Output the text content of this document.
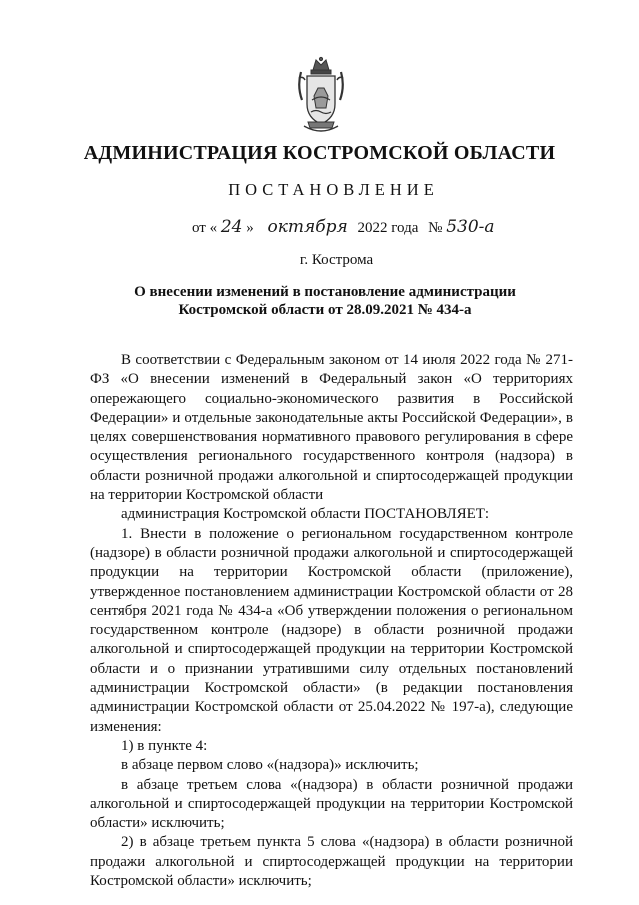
АДМИНИСТРАЦИЯ КОСТРОМСКОЙ ОБЛАСТИ
ПОСТАНОВЛЕНИЕ
от « 24 » октября 2022 года № 530-а
г. Кострома
О внесении изменений в постановление администрации
Костромской области от 28.09.2021 № 434-а

В соответствии с Федеральным законом от 14 июля 2022 года № 271-ФЗ «О внесении изменений в Федеральный закон «О территориях опережающего социально-экономического развития в Российской Федерации» и отдельные законодательные акты Российской Федерации», в целях совершенствования нормативного правового регулирования в сфере осуществления регионального государственного контроля (надзора) в области розничной продажи алкогольной и спиртосодержащей продукции на территории Костромской области

администрация Костромской области ПОСТАНОВЛЯЕТ:

1. Внести в положение о региональном государственном контроле (надзоре) в области розничной продажи алкогольной и спиртосодержащей продукции на территории Костромской области (приложение), утвержденное постановлением администрации Костромской области от 28 сентября 2021 года № 434-а «Об утверждении положения о региональном государственном контроле (надзоре) в области розничной продажи алкогольной и спиртосодержащей продукции на территории Костромской области и о признании утратившими силу отдельных постановлений администрации Костромской области» (в редакции постановления администрации Костромской области от 25.04.2022 № 197-а), следующие изменения:

1) в пункте 4:

в абзаце первом слово «(надзора)» исключить;

в абзаце третьем слова «(надзора) в области розничной продажи алкогольной и спиртосодержащей продукции на территории Костромской области» исключить;

2) в абзаце третьем пункта 5 слова «(надзора) в области розничной продажи алкогольной и спиртосодержащей продукции на территории Костромской области» исключить;
